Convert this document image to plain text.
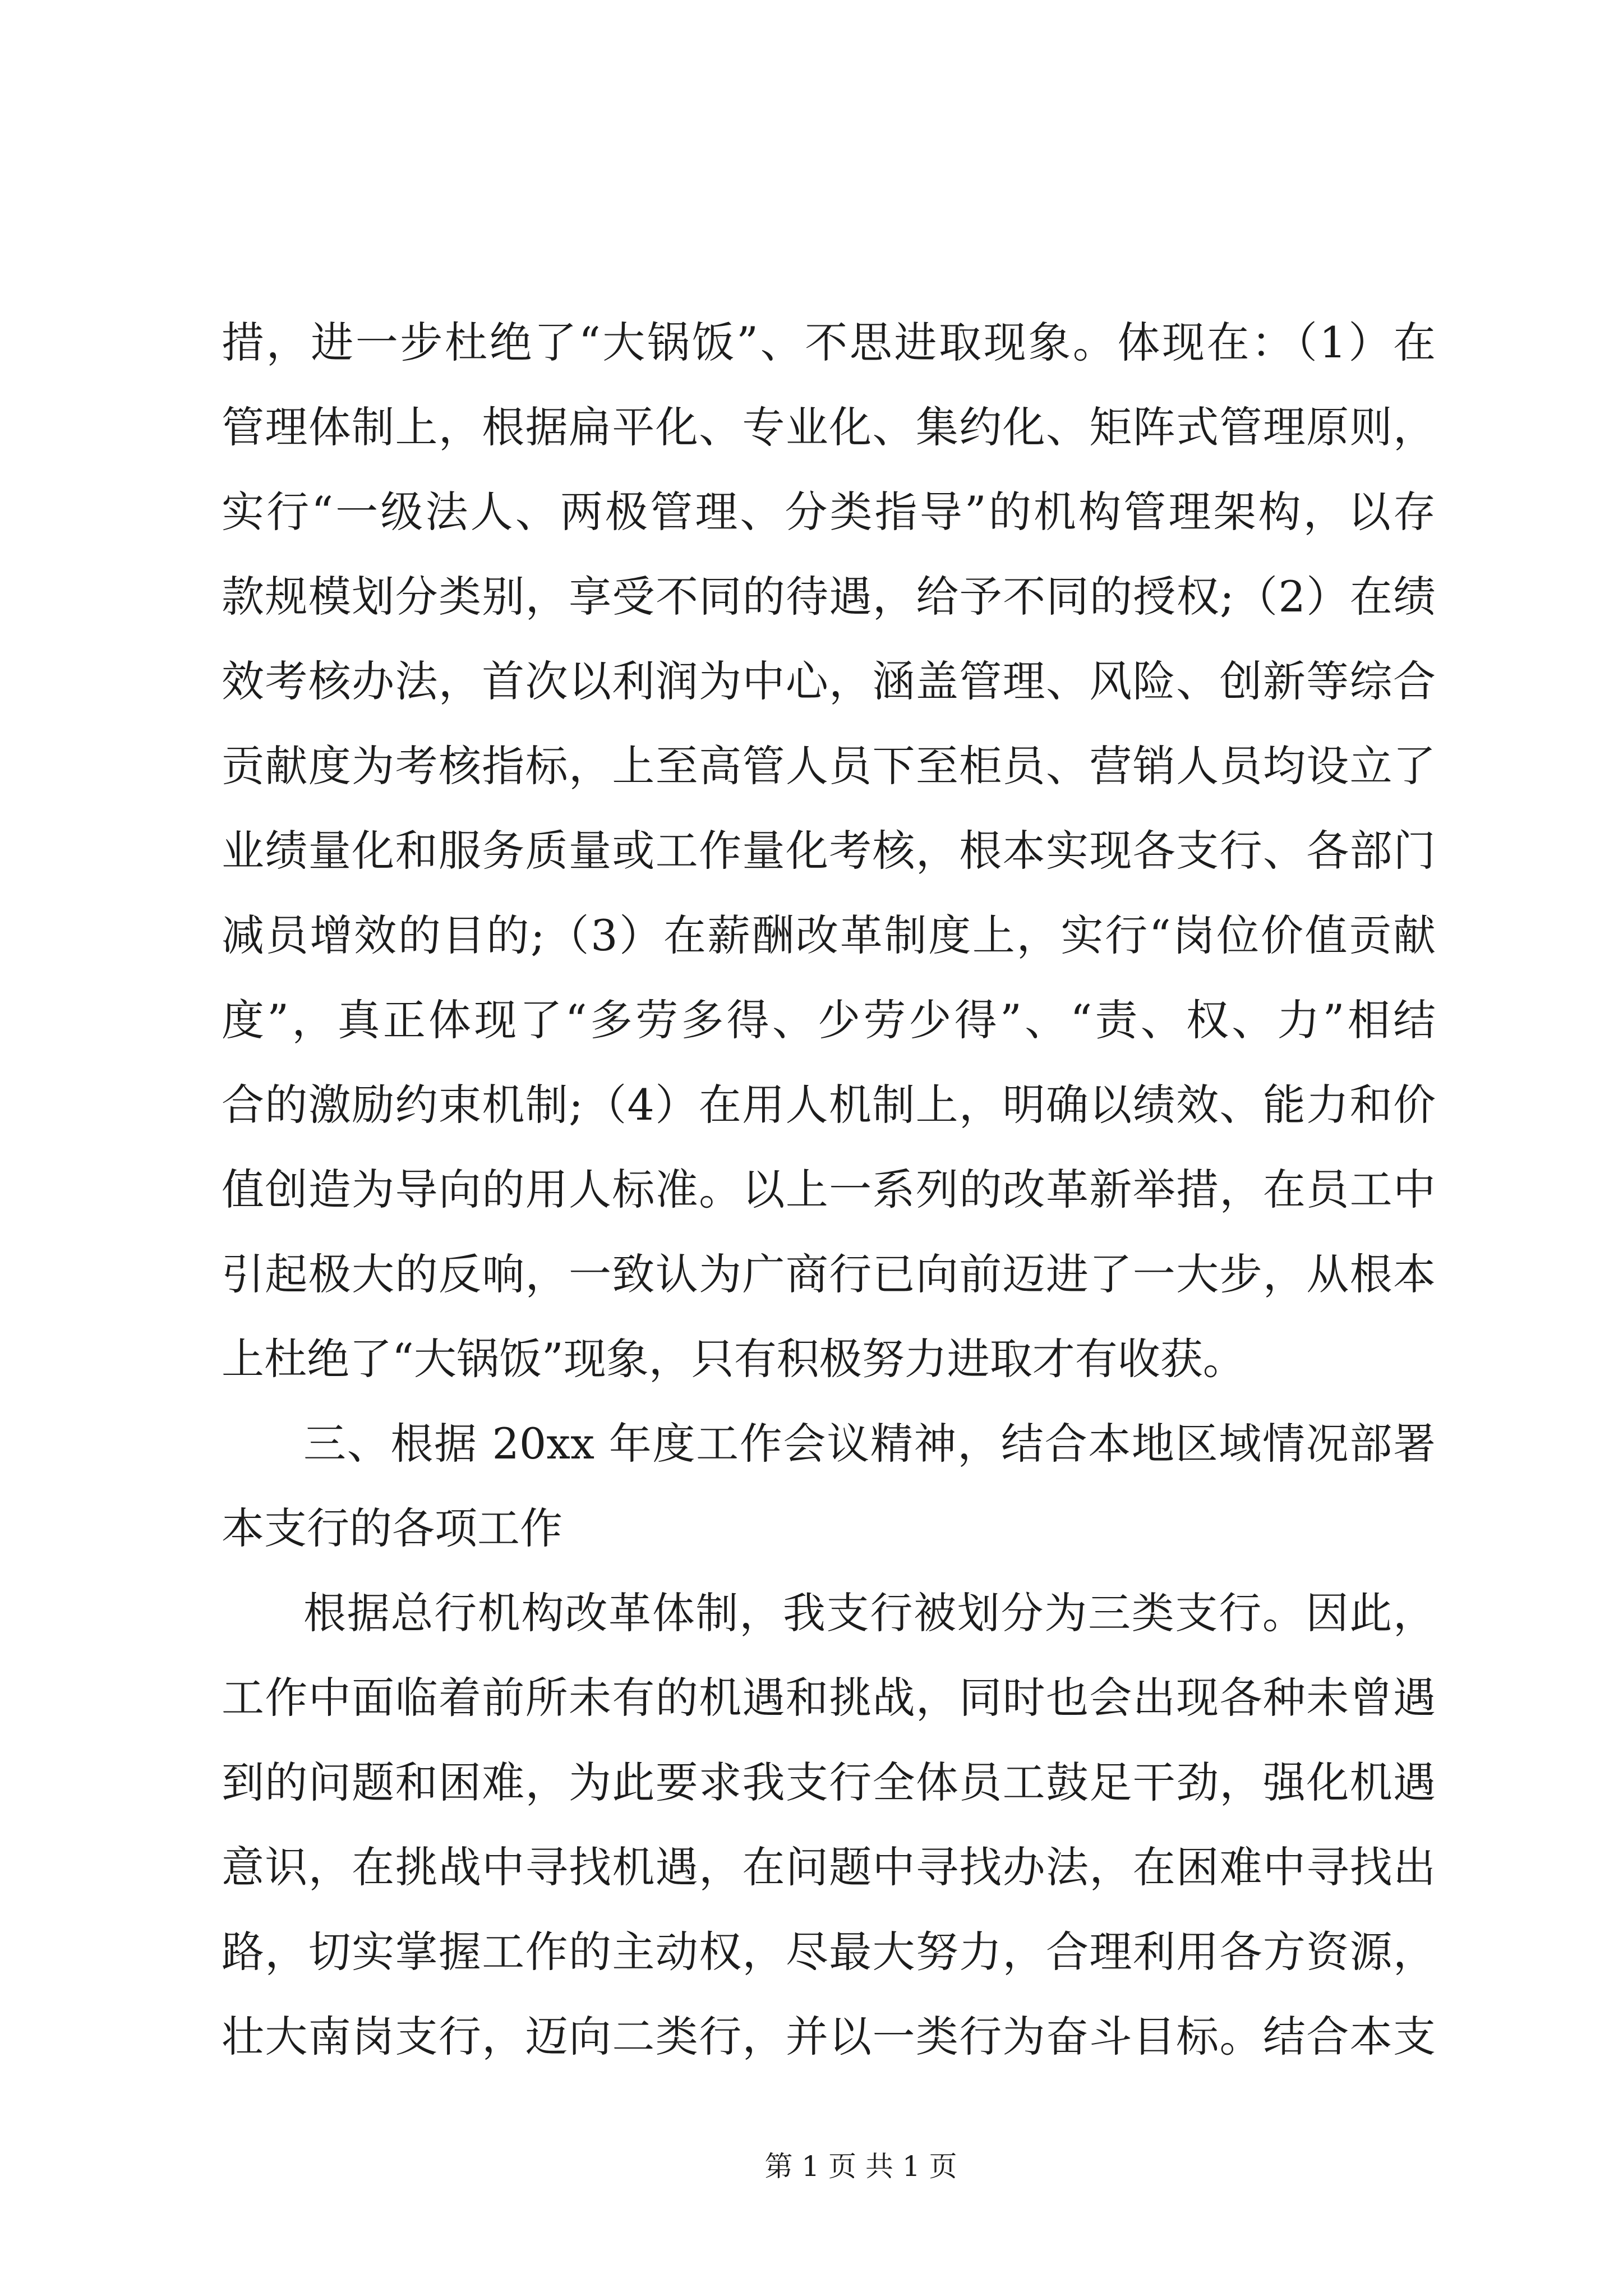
措，进一步杜绝了“大锅饭”、不思进取现象。体现在：（1）在
管理体制上，根据扁平化、专业化、集约化、矩阵式管理原则，
实行“一级法人、两极管理、分类指导”的机构管理架构，以存
款规模划分类别，享受不同的待遇，给予不同的授权;（2）在绩
效考核办法，首次以利润为中心，涵盖管理、风险、创新等综合
贡献度为考核指标，上至高管人员下至柜员、营销人员均设立了
业绩量化和服务质量或工作量化考核，根本实现各支行、各部门
减员增效的目的;（3）在薪酬改革制度上，实行“岗位价值贡献
度”，真正体现了“多劳多得、少劳少得”、“责、权、力”相结
合的激励约束机制;（4）在用人机制上，明确以绩效、能力和价
值创造为导向的用人标准。以上一系列的改革新举措，在员工中
引起极大的反响，一致认为广商行已向前迈进了一大步，从根本
上杜绝了“大锅饭”现象，只有积极努力进取才有收获。
三、根据 20xx 年度工作会议精神，结合本地区域情况部署
本支行的各项工作
根据总行机构改革体制，我支行被划分为三类支行。因此，
工作中面临着前所未有的机遇和挑战，同时也会出现各种未曾遇
到的问题和困难，为此要求我支行全体员工鼓足干劲，强化机遇
意识，在挑战中寻找机遇，在问题中寻找办法，在困难中寻找出
路，切实掌握工作的主动权，尽最大努力，合理利用各方资源，
壮大南岗支行，迈向二类行，并以一类行为奋斗目标。结合本支
第 1 页 共 1 页
